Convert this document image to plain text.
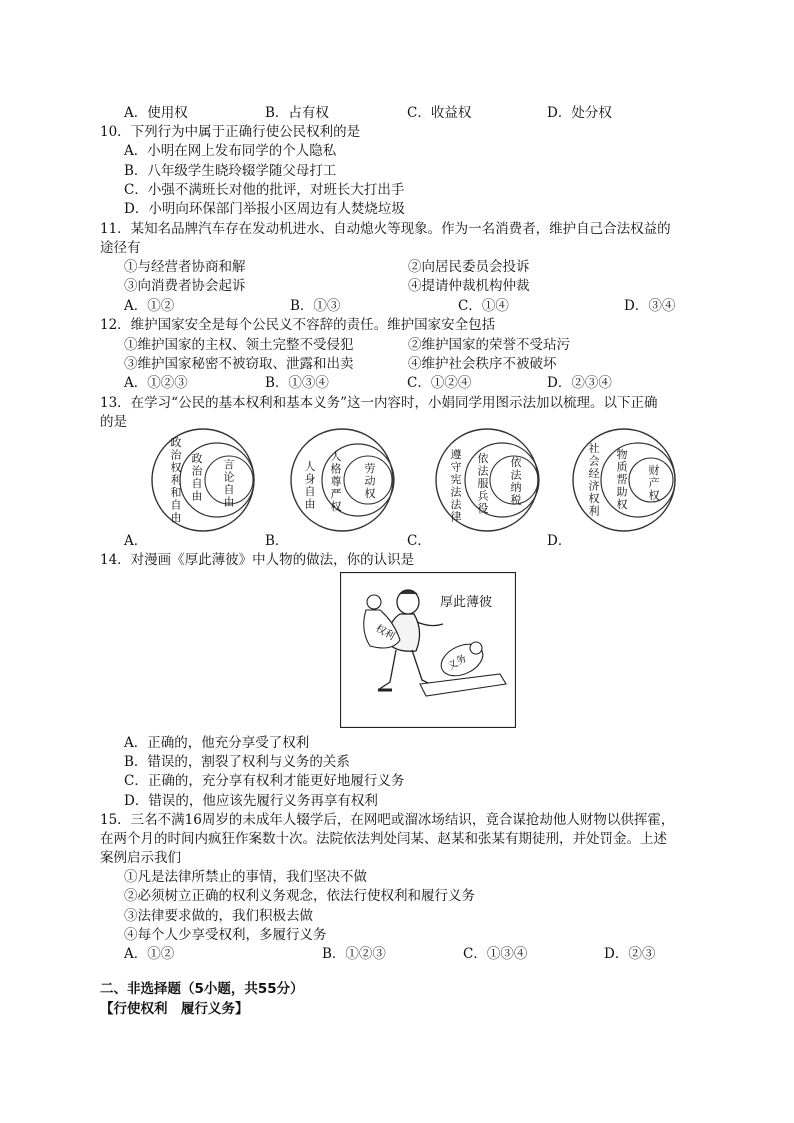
A．使用权	B．占有权	C．收益权	D．处分权
10．下列行为中属于正确行使公民权利的是
A．小明在网上发布同学的个人隐私
B．八年级学生晓玲辍学随父母打工
C．小强不满班长对他的批评，对班长大打出手
D．小明向环保部门举报小区周边有人焚烧垃圾
11．某知名品牌汽车存在发动机进水、自动熄火等现象。作为一名消费者，维护自己合法权益的
途径有
①与经营者协商和解	②向居民委员会投诉
③向消费者协会起诉	④提请仲裁机构仲裁
A．①②	B．①③	C．①④	D．③④
12．维护国家安全是每个公民义不容辞的责任。维护国家安全包括
①维护国家的主权、领土完整不受侵犯	②维护国家的荣誉不受玷污
③维护国家秘密不被窃取、泄露和出卖	④维护社会秩序不被破坏
A．①②③	B．①③④	C．①②④	D．②③④
13．在学习“公民的基本权利和基本义务”这一内容时，小娟同学用图示法加以梳理。以下正确
的是
政治权利和自由
政治自由
言论自由
人身自由
人格尊严权
劳动权
遵守宪法法律
依法服兵役
依法纳税
社会经济权利
物质帮助权
财产权
A．	B．	C．	D．
14．对漫画《厚此薄彼》中人物的做法，你的认识是
厚此薄彼
权利
义务
A．正确的，他充分享受了权利
B．错误的，割裂了权利与义务的关系
C．正确的，充分享有权利才能更好地履行义务
D．错误的，他应该先履行义务再享有权利
15．三名不满16周岁的未成年人辍学后，在网吧或溜冰场结识，竟合谋抢劫他人财物以供挥霍，
在两个月的时间内疯狂作案数十次。法院依法判处闫某、赵某和张某有期徒刑，并处罚金。上述
案例启示我们
①凡是法律所禁止的事情，我们坚决不做
②必须树立正确的权利义务观念，依法行使权利和履行义务
③法律要求做的，我们积极去做
④每个人少享受权利，多履行义务
A．①②	B．①②③	C．①③④	D．②③
二、非选择题（5小题，共55分）
【行使权利　履行义务】
